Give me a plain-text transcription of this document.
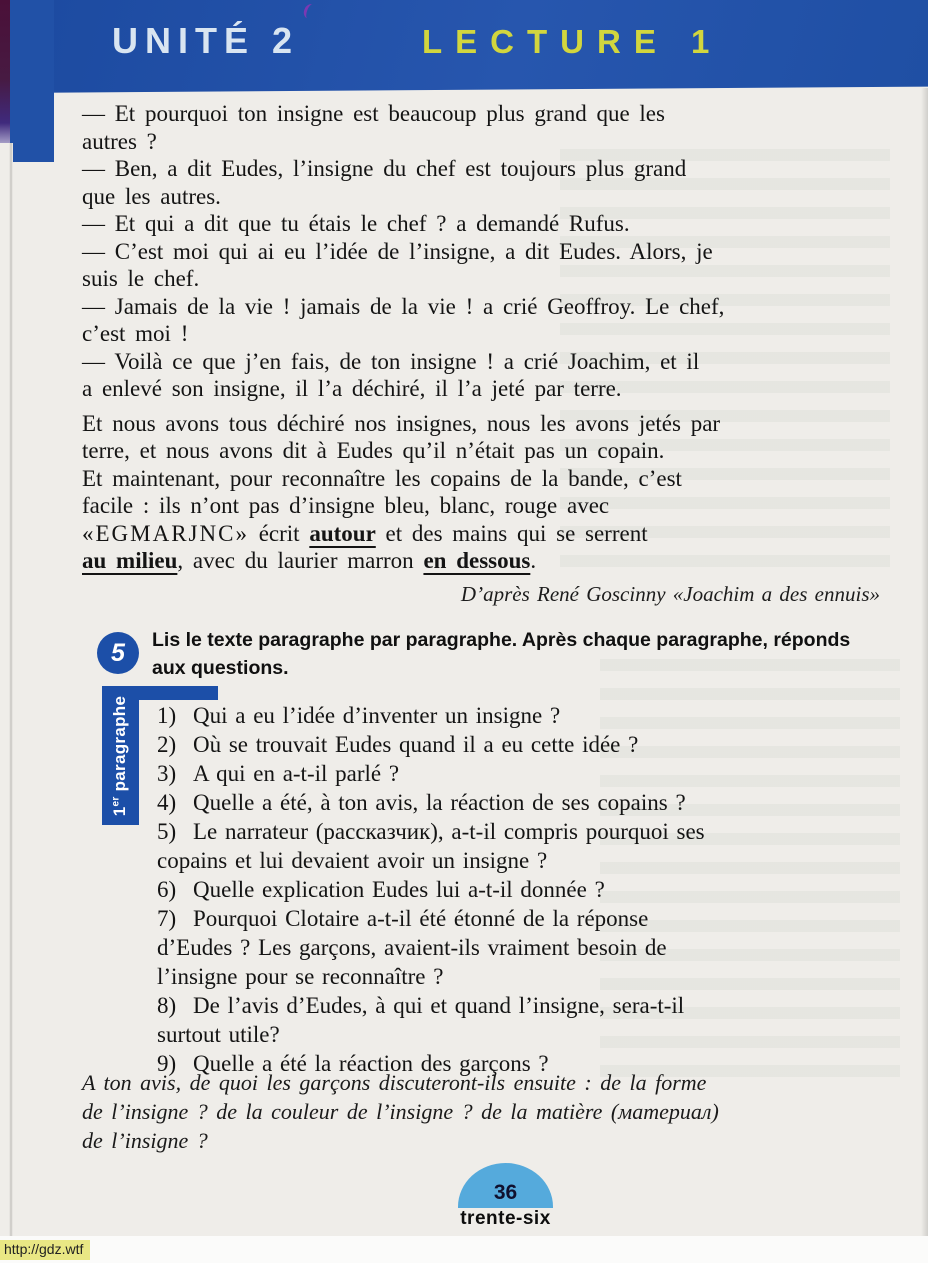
UNITÉ 2	LECTURE 1
— Et pourquoi ton insigne est beaucoup plus grand que les
autres ?
— Ben, a dit Eudes, l’insigne du chef est toujours plus grand
que les autres.
— Et qui a dit que tu étais le chef ? a demandé Rufus.
— C’est moi qui ai eu l’idée de l’insigne, a dit Eudes. Alors, je
suis le chef.
— Jamais de la vie ! jamais de la vie ! a crié Geoffroy. Le chef,
c’est moi !
— Voilà ce que j’en fais, de ton insigne ! a crié Joachim, et il
a enlevé son insigne, il l’a déchiré, il l’a jeté par terre.
Et nous avons tous déchiré nos insignes, nous les avons jetés par
terre, et nous avons dit à Eudes qu’il n’était pas un copain.
Et maintenant, pour reconnaître les copains de la bande, c’est
facile : ils n’ont pas d’insigne bleu, blanc, rouge avec
«EGMARJNC» écrit autour et des mains qui se serrent
au milieu, avec du laurier marron en dessous.
D’après René Goscinny «Joachim a des ennuis»
5 Lis le texte paragraphe par paragraphe. Après chaque paragraphe, réponds
aux questions.
1erparagraphe 1) Qui a eu l’idée d’inventer un insigne ?
2) Où se trouvait Eudes quand il a eu cette idée ?
3) A qui en a-t-il parlé ?
4) Quelle a été, à ton avis, la réaction de ses copains ?
5) Le narrateur (рассказчик), a-t-il compris pourquoi ses
copains et lui devaient avoir un insigne ?
6) Quelle explication Eudes lui a-t-il donnée ?
7) Pourquoi Clotaire a-t-il été étonné de la réponse
d’Eudes ? Les garçons, avaient-ils vraiment besoin de
l’insigne pour se reconnaître ?
8) De l’avis d’Eudes, à qui et quand l’insigne, sera-t-il
surtout utile?
9) Quelle a été la réaction des garçons ?
A ton avis, de quoi les garçons discuteront-ils ensuite : de la forme
de l’insigne ? de la couleur de l’insigne ? de la matière (материал)
de l’insigne ?
36
trente-six
http://gdz.wtf
